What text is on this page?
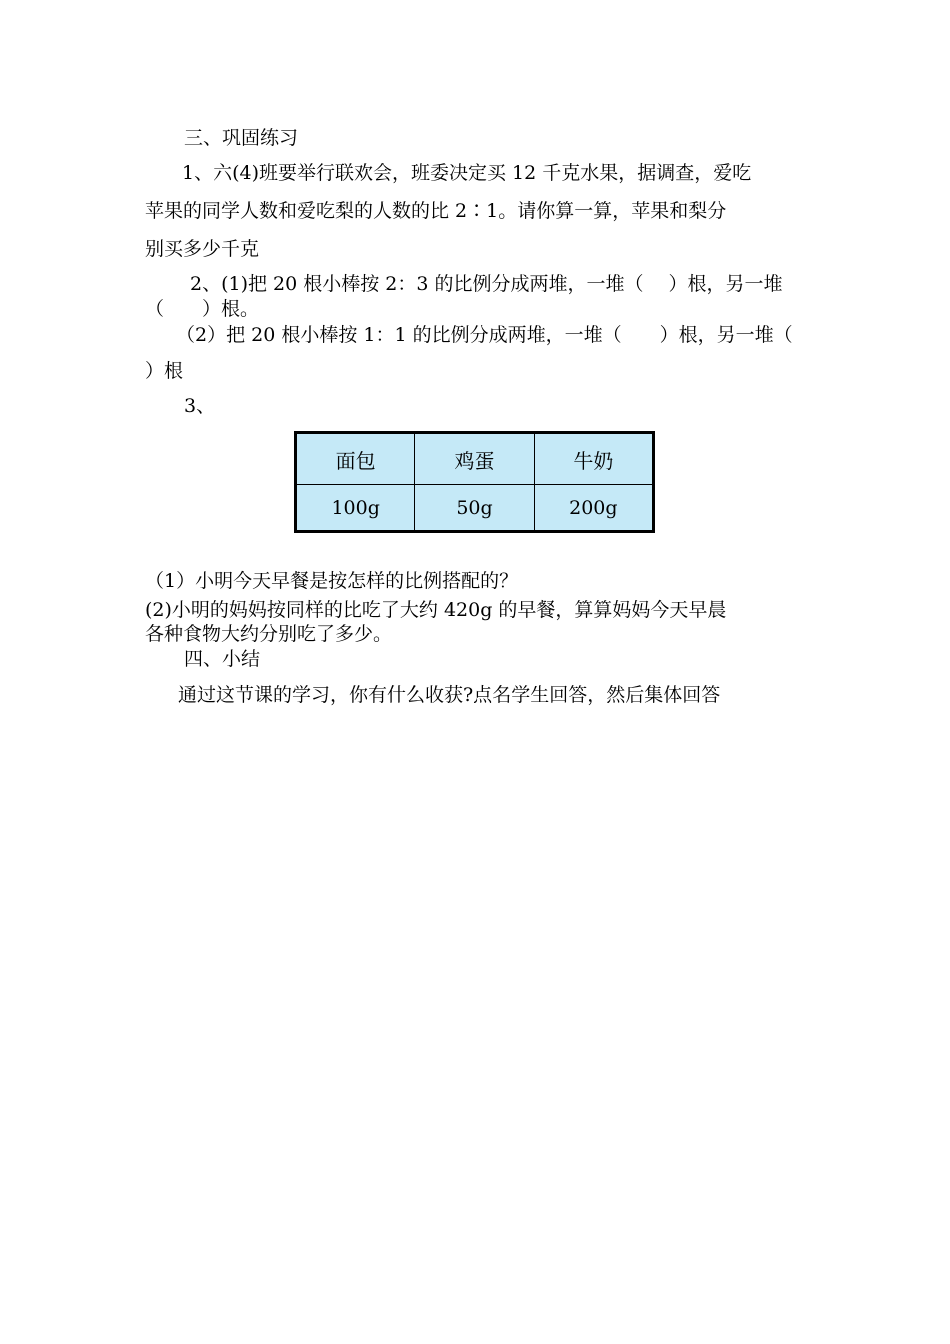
三、巩固练习
1、六(4)班要举行联欢会，班委决定买 12 千克水果，据调查，爱吃
苹果的同学人数和爱吃梨的人数的比 2∶1。请你算一算，苹果和梨分
别买多少千克
2、(1)把 20 根小棒按 2：3 的比例分成两堆，一堆（　 ）根，另一堆
（　　）根。
（2）把 20 根小棒按 1：1 的比例分成两堆，一堆（　　）根，另一堆（
）根
3、
面包	鸡蛋	牛奶
100g	50g	200g
（1）小明今天早餐是按怎样的比例搭配的？
(2)小明的妈妈按同样的比吃了大约 420g 的早餐，算算妈妈今天早晨
各种食物大约分别吃了多少。
四、小结
通过这节课的学习，你有什么收获?点名学生回答，然后集体回答
